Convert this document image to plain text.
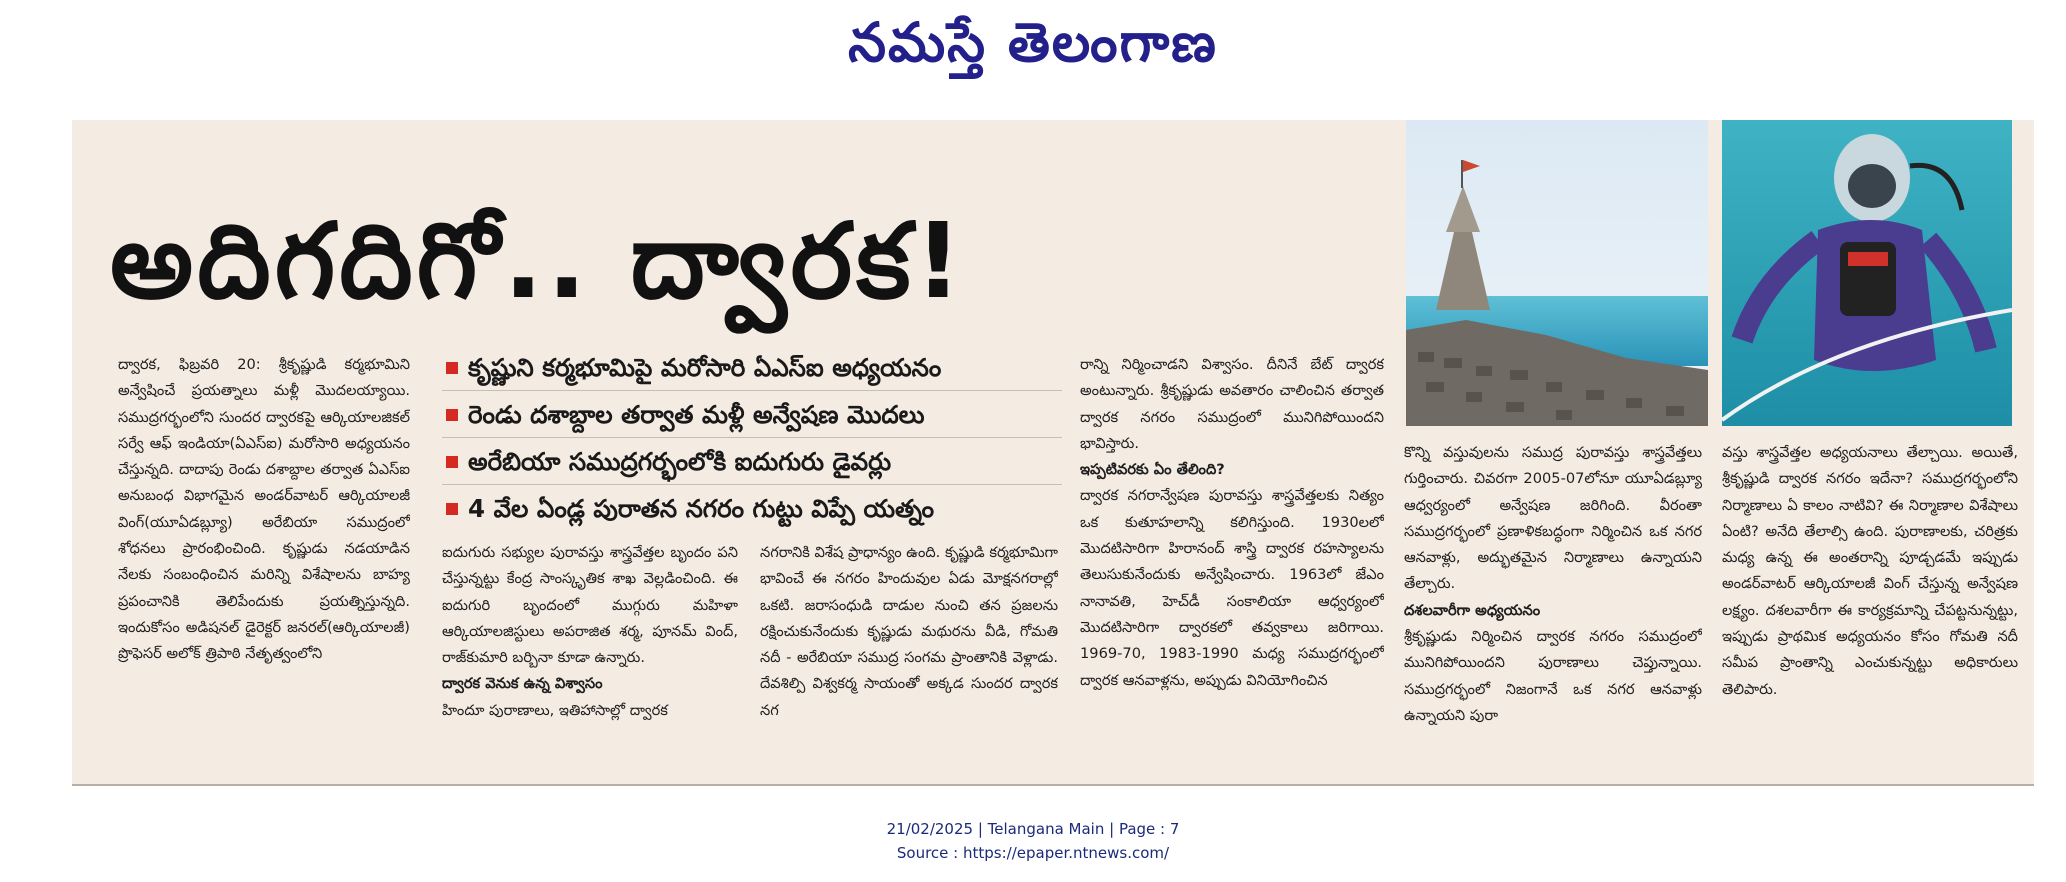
నమస్తే తెలంగాణ
అదిగదిగో.. ద్వారక!

ద్వారక, ఫిబ్రవరి 20: శ్రీకృష్ణుడి కర్మభూమిని అన్వేషించే ప్రయత్నాలు మళ్లీ మొదలయ్యాయి. సముద్రగర్భంలోని సుందర ద్వారకపై ఆర్కియాలజికల్ సర్వే ఆఫ్ ఇండియా(ఏఎస్ఐ) మరోసారి అధ్యయనం చేస్తున్నది. దాదాపు రెండు దశాబ్దాల తర్వాత ఏఎస్ఐ అనుబంధ విభాగమైన అండర్‌వాటర్ ఆర్కియాలజీ వింగ్(యూఏడబ్ల్యూ) అరేబియా సముద్రంలో శోధనలు ప్రారంభించింది. కృష్ణుడు నడయాడిన నేలకు సంబంధించిన మరిన్ని విశేషాలను బాహ్య ప్రపంచానికి తెలిపేందుకు ప్రయత్నిస్తున్నది. ఇందుకోసం అడిషనల్ డైరెక్టర్ జనరల్(ఆర్కియాలజీ) ప్రొఫెసర్ అలోక్ త్రిపాఠి నేతృత్వంలోని

కృష్ణుని కర్మభూమిపై మరోసారి ఏఎస్ఐ అధ్యయనం
రెండు దశాబ్దాల తర్వాత మళ్లీ అన్వేషణ మొదలు
అరేబియా సముద్రగర్భంలోకి ఐదుగురు డైవర్లు
4 వేల ఏండ్ల పురాతన నగరం గుట్టు విప్పే యత్నం

ఐదుగురు సభ్యుల పురావస్తు శాస్త్రవేత్తల బృందం పని చేస్తున్నట్టు కేంద్ర సాంస్కృతిక శాఖ వెల్లడించింది. ఈ ఐదుగురి బృందంలో ముగ్గురు మహిళా ఆర్కియాలజిస్టులు అపరాజిత శర్మ, పూనమ్ వింద్, రాజ్‌కుమారి బర్బినా కూడా ఉన్నారు.

ద్వారక వెనుక ఉన్న విశ్వాసం

హిందూ పురాణాలు, ఇతిహాసాల్లో ద్వారక

నగరానికి విశేష ప్రాధాన్యం ఉంది. కృష్ణుడి కర్మభూమిగా భావించే ఈ నగరం హిందువుల ఏడు మోక్షనగరాల్లో ఒకటి. జరాసంధుడి దాడుల నుంచి తన ప్రజలను రక్షించుకునేందుకు కృష్ణుడు మథురను వీడి, గోమతి నదీ - అరేబియా సముద్ర సంగమ ప్రాంతానికి వెళ్లాడు. దేవశిల్పి విశ్వకర్మ సాయంతో అక్కడ సుందర ద్వారక నగ

రాన్ని నిర్మించాడని విశ్వాసం. దీనినే బేట్ ద్వారక అంటున్నారు. శ్రీకృష్ణుడు అవతారం చాలించిన తర్వాత ద్వారక నగరం సముద్రంలో మునిగిపోయిందని భావిస్తారు.

ఇప్పటివరకు ఏం తేలింది?

ద్వారక నగరాన్వేషణ పురావస్తు శాస్త్రవేత్తలకు నిత్యం ఒక కుతూహలాన్ని కలిగిస్తుంది. 1930లలో మొదటిసారిగా హిరానంద్ శాస్త్రి ద్వారక రహస్యాలను తెలుసుకునేందుకు అన్వేషించారు. 1963లో జేఎం నానావతి, హెచ్‌డీ సంకాలియా ఆధ్వర్యంలో మొదటిసారిగా ద్వారకలో తవ్వకాలు జరిగాయి. 1969-70, 1983-1990 మధ్య సముద్రగర్భంలో ద్వారక ఆనవాళ్లను, అప్పుడు వినియోగించిన

కొన్ని వస్తువులను సముద్ర పురావస్తు శాస్త్రవేత్తలు గుర్తించారు. చివరగా 2005-07లోనూ యూఏడబ్ల్యూ ఆధ్వర్యంలో అన్వేషణ జరిగింది. వీరంతా సముద్రగర్భంలో ప్రణాళికబద్ధంగా నిర్మించిన ఒక నగర ఆనవాళ్లు, అద్భుతమైన నిర్మాణాలు ఉన్నాయని తేల్చారు.

దశలవారీగా అధ్యయనం

శ్రీకృష్ణుడు నిర్మించిన ద్వారక నగరం సముద్రంలో మునిగిపోయిందని పురాణాలు చెప్తున్నాయి. సముద్రగర్భంలో నిజంగానే ఒక నగర ఆనవాళ్లు ఉన్నాయని పురా

వస్తు శాస్త్రవేత్తల అధ్యయనాలు తేల్చాయి. అయితే, శ్రీకృష్ణుడి ద్వారక నగరం ఇదేనా? సముద్రగర్భంలోని నిర్మాణాలు ఏ కాలం నాటివి? ఈ నిర్మాణాల విశేషాలు ఏంటి? అనేది తేలాల్సి ఉంది. పురాణాలకు, చరిత్రకు మధ్య ఉన్న ఈ అంతరాన్ని పూడ్చడమే ఇప్పుడు అండర్‌వాటర్ ఆర్కియాలజీ వింగ్ చేస్తున్న అన్వేషణ లక్ష్యం. దశలవారీగా ఈ కార్యక్రమాన్ని చేపట్టనున్నట్టు, ఇప్పుడు ప్రాథమిక అధ్యయనం కోసం గోమతి నదీ సమీప ప్రాంతాన్ని ఎంచుకున్నట్టు అధికారులు తెలిపారు.

21/02/2025 | Telangana Main | Page : 7
Source : https://epaper.ntnews.com/
